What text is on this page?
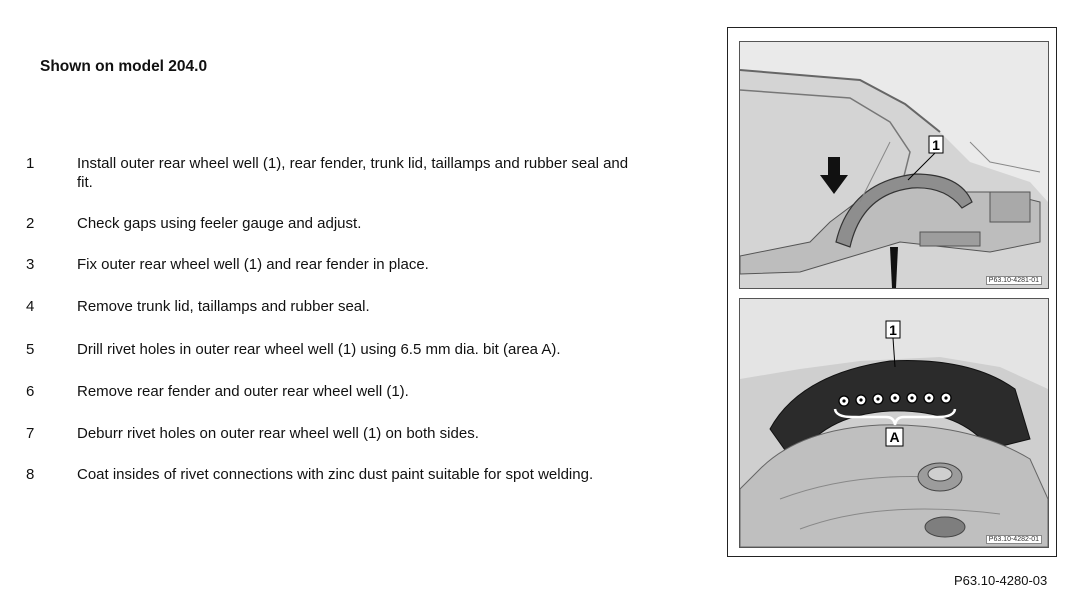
Shown on model 204.0
1	Install outer rear wheel well (1), rear fender, trunk lid, taillamps and rubber seal and fit.
2	Check gaps using feeler gauge and adjust.
3	Fix outer rear wheel well (1) and rear fender in place.
4	Remove trunk lid, taillamps and rubber seal.
5	Drill rivet holes in outer rear wheel well (1) using 6.5 mm dia. bit (area A).
6	Remove rear fender and outer rear wheel well (1).
7	Deburr rivet holes on outer rear wheel well (1) on both sides.
8	Coat insides of rivet connections with zinc dust paint suitable for spot welding.
1
P63.10-4281-01
A
1
P63.10-4282-01
P63.10-4280-03
